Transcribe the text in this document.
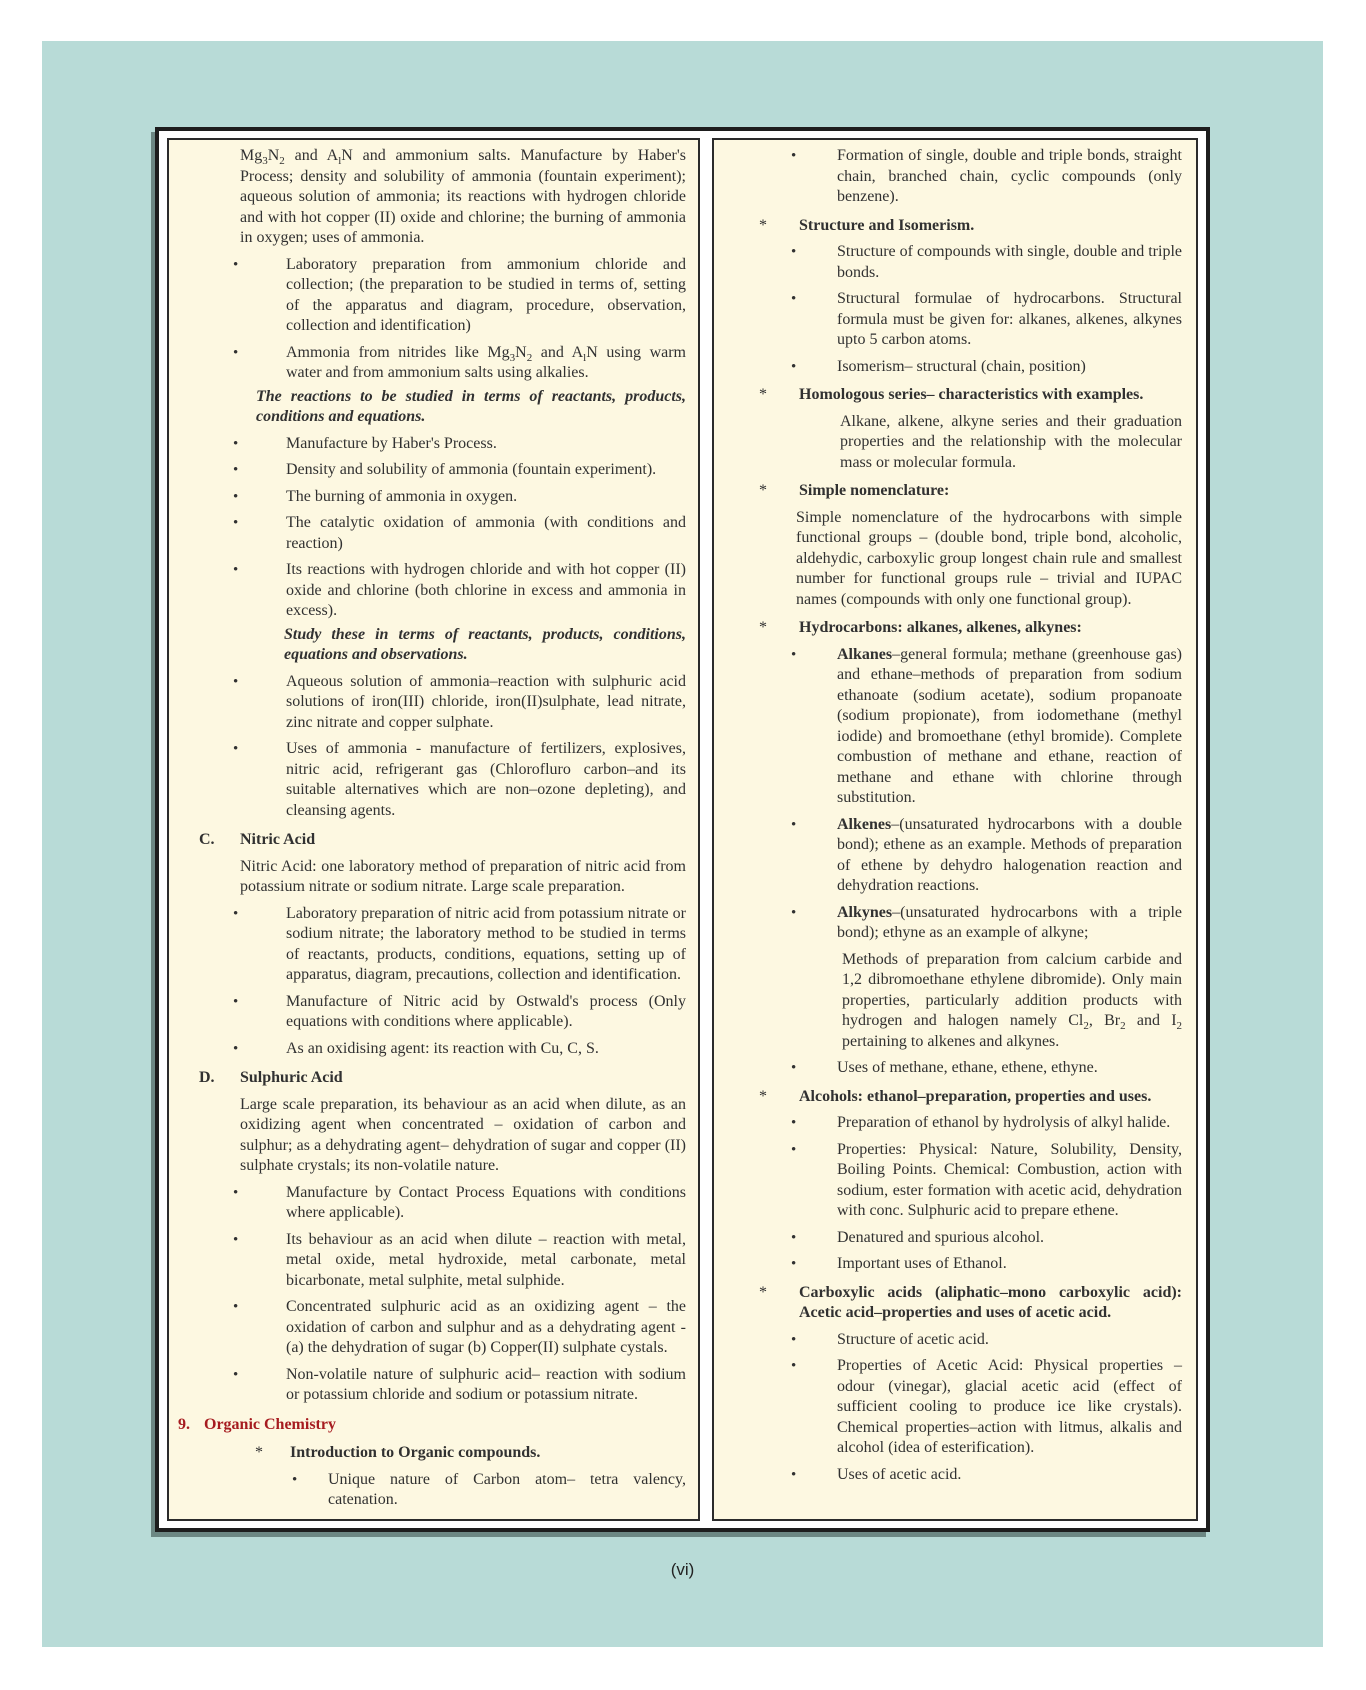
$Mg_3N_2$ and $A_lN$ and ammonium salts. Manufacture by Haber's Process; density and solubility of ammonia (fountain experiment); aqueous solution of ammonia; its reactions with hydrogen chloride and with hot copper (II) oxide and chlorine; the burning of ammonia in oxygen; uses of ammonia.
•	Laboratory preparation from ammonium chloride and collection; (the preparation to be studied in terms of, setting of the apparatus and diagram, procedure, observation, collection and identification)
•	Ammonia from nitrides like $Mg_3N_2$ and $A_lN$ using warm water and from ammonium salts using alkalies.
The reactions to be studied in terms of reactants, products, conditions and equations.
•	Manufacture by Haber's Process.
•	Density and solubility of ammonia (fountain experiment).
•	The burning of ammonia in oxygen.
•	The catalytic oxidation of ammonia (with conditions and reaction)
•	Its reactions with hydrogen chloride and with hot copper (II) oxide and chlorine (both chlorine in excess and ammonia in excess).
Study these in terms of reactants, products, conditions, equations and observations.
•	Aqueous solution of ammonia–reaction with sulphuric acid solutions of iron(III) chloride, iron(II)sulphate, lead nitrate, zinc nitrate and copper sulphate.
•	Uses of ammonia - manufacture of fertilizers, explosives, nitric acid, refrigerant gas (Chlorofluro carbon–and its suitable alternatives which are non–ozone depleting), and cleansing agents.
C. Nitric Acid
Nitric Acid: one laboratory method of preparation of nitric acid from potassium nitrate or sodium nitrate. Large scale preparation.
•	Laboratory preparation of nitric acid from potassium nitrate or sodium nitrate; the laboratory method to be studied in terms of reactants, products, conditions, equations, setting up of apparatus, diagram, precautions, collection and identification.
•	Manufacture of Nitric acid by Ostwald's process (Only equations with conditions where applicable).
•	As an oxidising agent: its reaction with Cu, C, S.
D. Sulphuric Acid
Large scale preparation, its behaviour as an acid when dilute, as an oxidizing agent when concentrated – oxidation of carbon and sulphur; as a dehydrating agent– dehydration of sugar and copper (II) sulphate crystals; its non-volatile nature.
•	Manufacture by Contact Process Equations with conditions where applicable).
•	Its behaviour as an acid when dilute – reaction with metal, metal oxide, metal hydroxide, metal carbonate, metal bicarbonate, metal sulphite, metal sulphide.
•	Concentrated sulphuric acid as an oxidizing agent – the oxidation of carbon and sulphur and as a dehydrating agent - (a) the dehydration of sugar (b) Copper(II) sulphate cystals.
•	Non-volatile nature of sulphuric acid– reaction with sodium or potassium chloride and sodium or potassium nitrate.
9. Organic Chemistry
* Introduction to Organic compounds.
• Unique nature of Carbon atom– tetra valency, catenation.
•	Formation of single, double and triple bonds, straight chain, branched chain, cyclic compounds (only benzene).
* Structure and Isomerism.
•	Structure of compounds with single, double and triple bonds.
•	Structural formulae of hydrocarbons. Structural formula must be given for: alkanes, alkenes, alkynes upto 5 carbon atoms.
•	Isomerism– structural (chain, position)
* Homologous series– characteristics with examples.
Alkane, alkene, alkyne series and their graduation properties and the relationship with the molecular mass or molecular formula.
* Simple nomenclature:
Simple nomenclature of the hydrocarbons with simple functional groups – (double bond, triple bond, alcoholic, aldehydic, carboxylic group longest chain rule and smallest number for functional groups rule – trivial and IUPAC names (compounds with only one functional group).
* Hydrocarbons: alkanes, alkenes, alkynes:
•	Alkanes–general formula; methane (greenhouse gas) and ethane–methods of preparation from sodium ethanoate (sodium acetate), sodium propanoate (sodium propionate), from iodomethane (methyl iodide) and bromoethane (ethyl bromide). Complete combustion of methane and ethane, reaction of methane and ethane with chlorine through substitution.
•	Alkenes–(unsaturated hydrocarbons with a double bond); ethene as an example. Methods of preparation of ethene by dehydro halogenation reaction and dehydration reactions.
•	Alkynes–(unsaturated hydrocarbons with a triple bond); ethyne as an example of alkyne;
Methods of preparation from calcium carbide and 1,2 dibromoethane ethylene dibromide). Only main properties, particularly addition products with hydrogen and halogen namely $Cl_2$, $Br_2$ and $I_2$ pertaining to alkenes and alkynes.
•	Uses of methane, ethane, ethene, ethyne.
* Alcohols: ethanol–preparation, properties and uses.
•	Preparation of ethanol by hydrolysis of alkyl halide.
•	Properties: Physical: Nature, Solubility, Density, Boiling Points. Chemical: Combustion, action with sodium, ester formation with acetic acid, dehydration with conc. Sulphuric acid to prepare ethene.
•	Denatured and spurious alcohol.
•	Important uses of Ethanol.
* Carboxylic acids (aliphatic–mono carboxylic acid): Acetic acid–properties and uses of acetic acid.
•	Structure of acetic acid.
•	Properties of Acetic Acid: Physical properties – odour (vinegar), glacial acetic acid (effect of sufficient cooling to produce ice like crystals). Chemical properties–action with litmus, alkalis and alcohol (idea of esterification).
•	Uses of acetic acid.
(vi)
